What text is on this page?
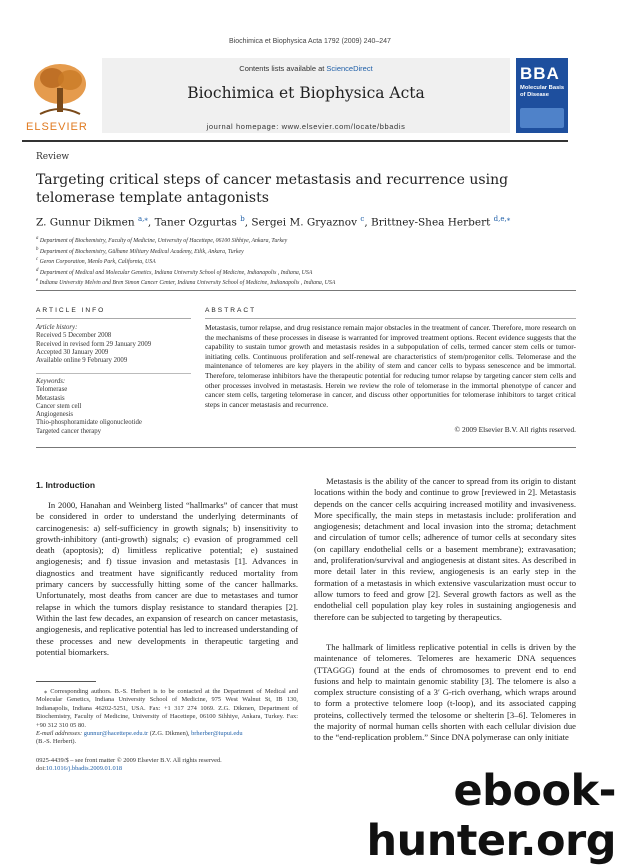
Biochimica et Biophysica Acta 1792 (2009) 240–247
ELSEVIER
Contents lists available at ScienceDirect
Biochimica et Biophysica Acta
journal homepage: www.elsevier.com/locate/bbadis
BBA
Molecular Basis of Disease
Review
Targeting critical steps of cancer metastasis and recurrence using telomerase template antagonists
Z. Gunnur Dikmen $^{a,⁎}$, Taner Ozgurtas $^b$, Sergei M. Gryaznov $^c$, Brittney-Shea Herbert $^{d,e,⁎}$
$^a$ Department of Biochemistry, Faculty of Medicine, University of Hacettepe, 06100 Sihhiye, Ankara, Turkey
$^b$ Department of Biochemistry, Gülhane Military Medical Academy, Etlik, Ankara, Turkey
$^c$ Geron Corporation, Menlo Park, California, USA
$^d$ Department of Medical and Molecular Genetics, Indiana University School of Medicine, Indianapolis , Indiana, USA
$^e$ Indiana University Melvin and Bren Simon Cancer Center, Indiana University School of Medicine, Indianapolis , Indiana, USA
ARTICLE INFO
Article history:
Received 5 December 2008
Received in revised form 29 January 2009
Accepted 30 January 2009
Available online 9 February 2009
Keywords:
Telomerase
Metastasis
Cancer stem cell
Angiogenesis
Thio-phosphoramidate oligonucleotide
Targeted cancer therapy
ABSTRACT
Metastasis, tumor relapse, and drug resistance remain major obstacles in the treatment of cancer. Therefore, more research on the mechanisms of these processes in disease is warranted for improved treatment options. Recent evidence suggests that the capability to sustain tumor growth and metastasis resides in a subpopulation of cells, termed cancer stem cells or tumor-initiating cells. Continuous proliferation and self-renewal are characteristics of stem/progenitor cells. Telomerase and the maintenance of telomeres are key players in the ability of stem and cancer cells to bypass senescence and be immortal. Therefore, telomerase inhibitors have the therapeutic potential for reducing tumor relapse by targeting cancer stem cells and other processes involved in metastasis. Herein we review the role of telomerase in the immortal phenotype of cancer and cancer stem cells, targeting telomerase in cancer, and discuss other opportunities for telomerase inhibitors to target critical steps in cancer metastasis and recurrence.
© 2009 Elsevier B.V. All rights reserved.
1. Introduction
In 2000, Hanahan and Weinberg listed “hallmarks” of cancer that must be considered in order to understand the underlying determinants of carcinogenesis: a) self-sufficiency in growth signals; b) insensitivity to growth-inhibitory (anti-growth) signals; c) evasion of programmed cell death (apoptosis); d) limitless replicative potential; e) sustained angiogenesis; and f) tissue invasion and metastasis [1]. Advances in diagnostics and treatment have significantly reduced mortality from primary cancers by successfully hitting some of the cancer hallmarks. Unfortunately, most deaths from cancer are due to metastases and tumor relapse in which the tumors display resistance to standard therapies [2]. Within the last few decades, an expansion of research on cancer metastasis, angiogenesis, and replicative potential has led to increased understanding of these processes and new developments in therapeutic targeting and potential biomarkers.
Metastasis is the ability of the cancer to spread from its origin to distant locations within the body and continue to grow [reviewed in 2]. Metastasis depends on the cancer cells acquiring increased motility and invasiveness. More specifically, the main steps in metastasis include: proliferation and angiogenesis; detachment and local invasion into the stroma; detachment and circulation of tumor cells; adherence of tumor cells at secondary sites (on capillary endothelial cells or a basement membrane); extravasation; and, proliferation/survival and angiogenesis at distant sites. As described in more detail later in this review, angiogenesis is an early step in the formation of a metastasis in which extensive vascularization must occur to allow tumors to feed and grow [2]. Several growth factors as well as the endothelial cell population play key roles in sustaining angiogenesis and therefore can be subjected to targeting by therapeutics.
The hallmark of limitless replicative potential in cells is driven by the maintenance of telomeres. Telomeres are hexameric DNA sequences (TTAGGG) found at the ends of chromosomes to prevent end to end fusions and help to maintain genomic stability [3]. The telomere is also a complex structure consisting of a 3′ G-rich overhang, which wraps around to form a protective telomere loop (t-loop), and its associated capping proteins, collectively termed the telosome or shelterin [3–6]. Telomeres in the majority of normal human cells shorten with each cellular division due to the “end-replication problem.” Since DNA polymerase can only initiate
⁎ Corresponding authors. B.-S. Herbert is to be contacted at the Department of Medical and Molecular Genetics, Indiana University School of Medicine, 975 West Walnut St, IB 130, Indianapolis, Indiana 46202-5251, USA. Fax: +1 317 274 1069. Z.G. Dikmen, Department of Biochemistry, Faculty of Medicine, University of Hacettepe, 06100 Sihhiye, Ankara, Turkey. Fax: +90 312 310 05 80.
E-mail addresses: gunnur@hacettepe.edu.tr (Z.G. Dikmen), brherber@iupui.edu
(B.-S. Herbert).
0925-4439/$ – see front matter © 2009 Elsevier B.V. All rights reserved.
doi:10.1016/j.bbadis.2009.01.018	ebook-hunter.org
